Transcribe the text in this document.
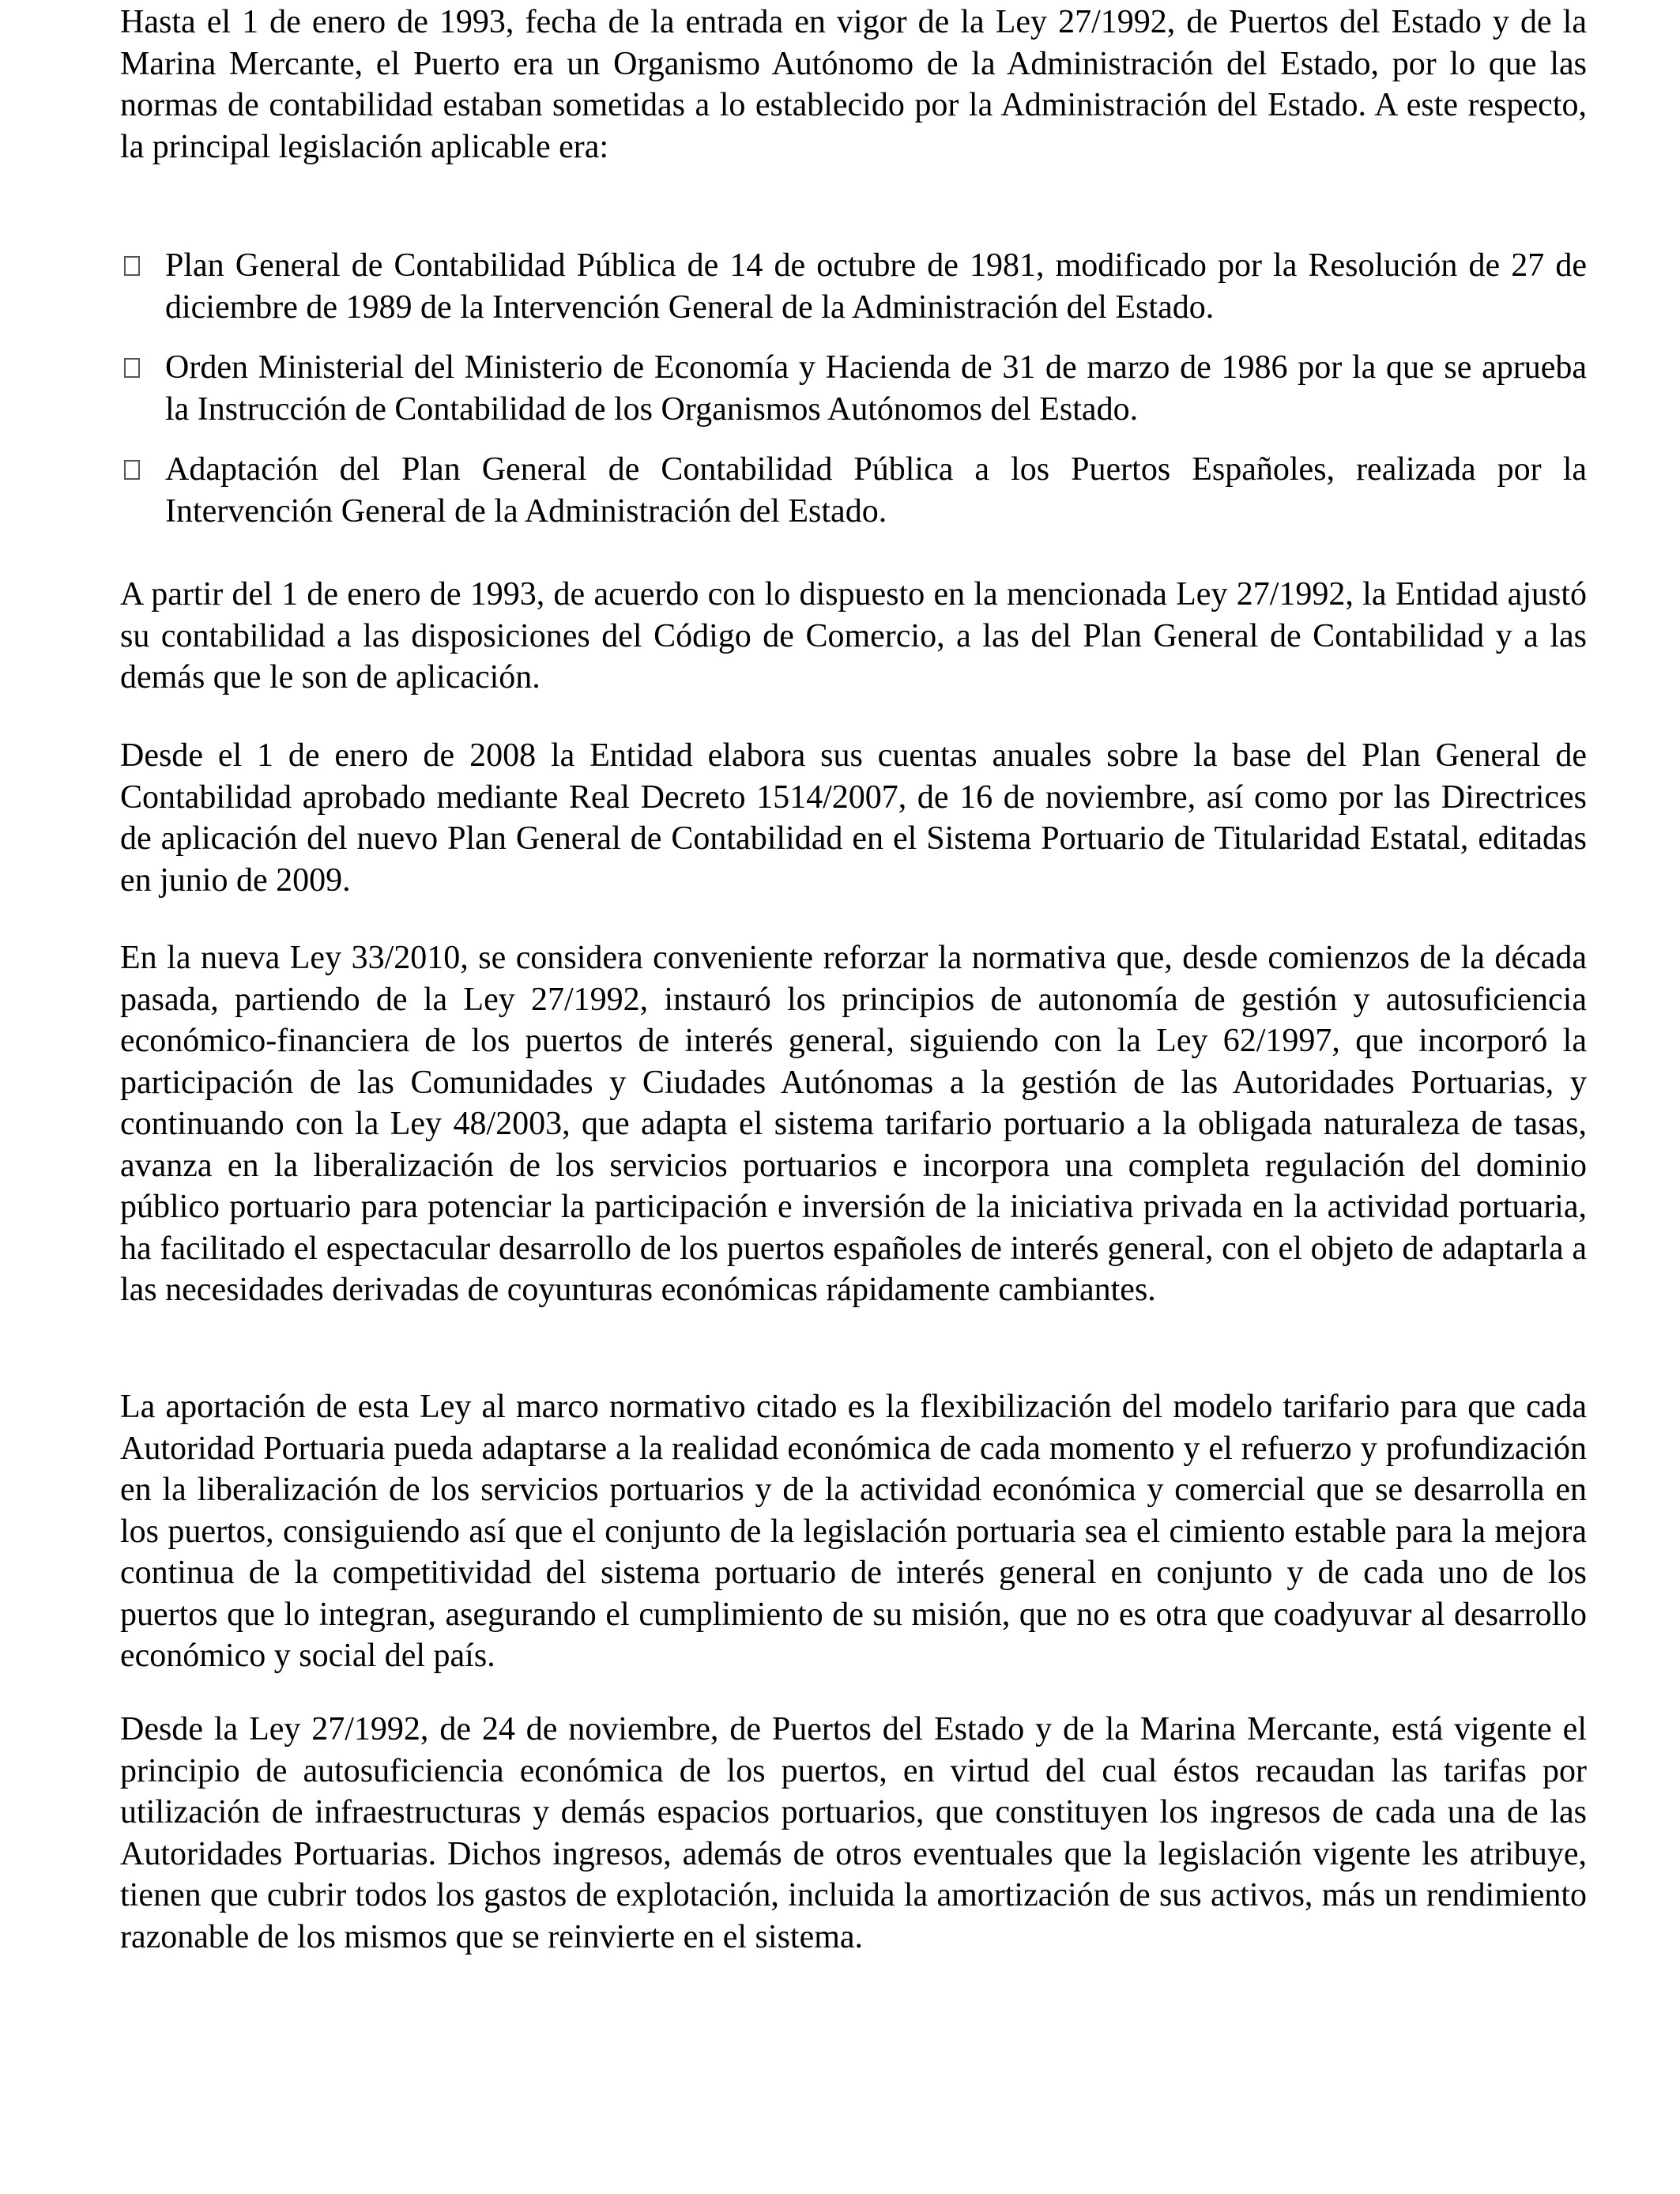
Hasta el 1 de enero de 1993, fecha de la entrada en vigor de la Ley 27/1992, de Puertos del Estado y de la Marina Mercante, el Puerto era un Organismo Autónomo de la Administración del Estado, por lo que las normas de contabilidad estaban sometidas a lo establecido por la Administración del Estado. A este respecto, la principal legislación aplicable era:

Plan General de Contabilidad Pública de 14 de octubre de 1981, modificado por la Resolución de 27 de diciembre de 1989 de la Intervención General de la Administración del Estado.
Orden Ministerial del Ministerio de Economía y Hacienda de 31 de marzo de 1986 por la que se aprueba la Instrucción de Contabilidad de los Organismos Autónomos del Estado.
Adaptación del Plan General de Contabilidad Pública a los Puertos Españoles, realizada por la Intervención General de la Administración del Estado.

A partir del 1 de enero de 1993, de acuerdo con lo dispuesto en la mencionada Ley 27/1992, la Entidad ajustó su contabilidad a las disposiciones del Código de Comercio, a las del Plan General de Contabilidad y a las demás que le son de aplicación.

Desde el 1 de enero de 2008 la Entidad elabora sus cuentas anuales sobre la base del Plan General de Contabilidad aprobado mediante Real Decreto 1514/2007, de 16 de noviembre, así como por las Directrices de aplicación del nuevo Plan General de Contabilidad en el Sistema Portuario de Titularidad Estatal, editadas en junio de 2009.

En la nueva Ley 33/2010, se considera conveniente reforzar la normativa que, desde comienzos de la década pasada, partiendo de la Ley 27/1992, instauró los principios de autonomía de gestión y autosuficiencia económico-financiera de los puertos de interés general, siguiendo con la Ley 62/1997, que incorporó la participación de las Comunidades y Ciudades Autónomas a la gestión de las Autoridades Portuarias, y continuando con la Ley 48/2003, que adapta el sistema tarifario portuario a la obligada naturaleza de tasas, avanza en la liberalización de los servicios portuarios e incorpora una completa regulación del dominio público portuario para potenciar la participación e inversión de la iniciativa privada en la actividad portuaria, ha facilitado el espectacular desarrollo de los puertos españoles de interés general, con el objeto de adaptarla a las necesidades derivadas de coyunturas económicas rápidamente cambiantes.

La aportación de esta Ley al marco normativo citado es la flexibilización del modelo tarifario para que cada Autoridad Portuaria pueda adaptarse a la realidad económica de cada momento y el refuerzo y profundización en la liberalización de los servicios portuarios y de la actividad económica y comercial que se desarrolla en los puertos, consiguiendo así que el conjunto de la legislación portuaria sea el cimiento estable para la mejora continua de la competitividad del sistema portuario de interés general en conjunto y de cada uno de los puertos que lo integran, asegurando el cumplimiento de su misión, que no es otra que coadyuvar al desarrollo económico y social del país.

Desde la Ley 27/1992, de 24 de noviembre, de Puertos del Estado y de la Marina Mercante, está vigente el principio de autosuficiencia económica de los puertos, en virtud del cual éstos recaudan las tarifas por utilización de infraestructuras y demás espacios portuarios, que constituyen los ingresos de cada una de las Autoridades Portuarias. Dichos ingresos, además de otros eventuales que la legislación vigente les atribuye, tienen que cubrir todos los gastos de explotación, incluida la amortización de sus activos, más un rendimiento razonable de los mismos que se reinvierte en el sistema.
